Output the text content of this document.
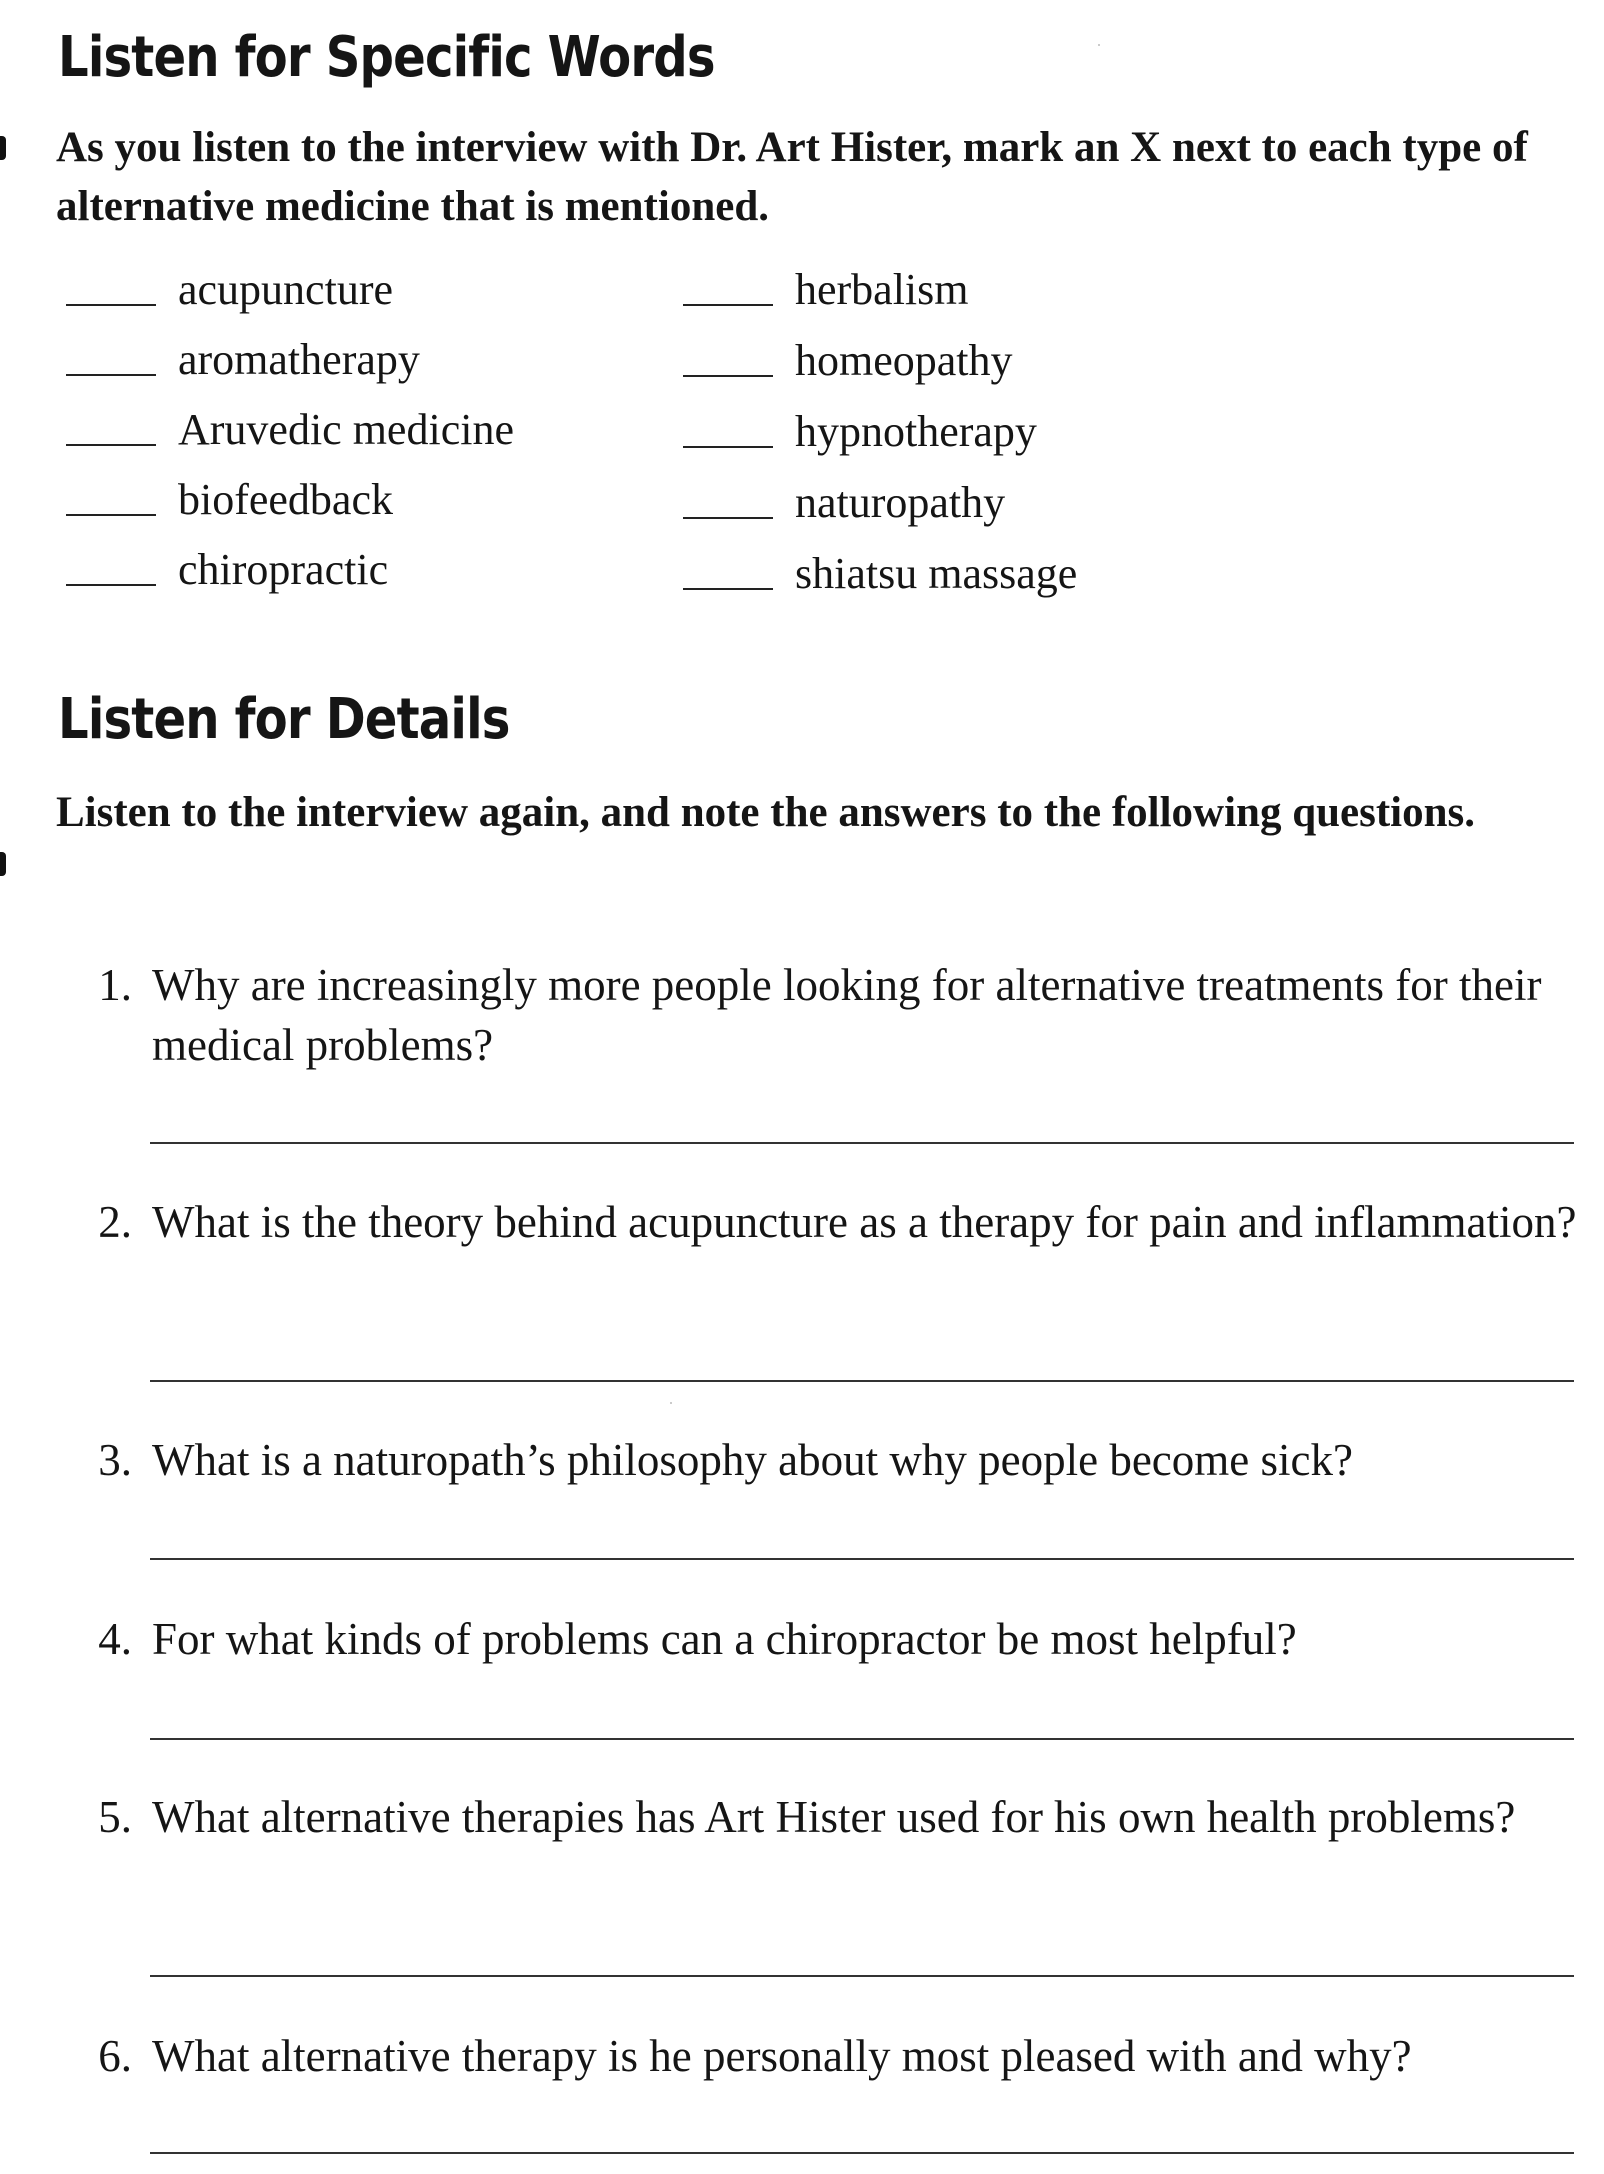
Listen for Specific Words

As you listen to the interview with Dr. Art Hister, mark an X next to each type of alternative medicine that is mentioned.

acupuncture
aromatherapy
Aruvedic medicine
biofeedback
chiropractic
herbalism
homeopathy
hypnotherapy
naturopathy
shiatsu massage
Listen for Details

Listen to the interview again, and note the answers to the following questions.

1. Why are increasingly more people looking for alternative treatments for their medical problems?
2. What is the theory behind acupuncture as a therapy for pain and inflammation?
3. What is a naturopath’s philosophy about why people become sick?
4. For what kinds of problems can a chiropractor be most helpful?
5. What alternative therapies has Art Hister used for his own health problems?
6. What alternative therapy is he personally most pleased with and why?
